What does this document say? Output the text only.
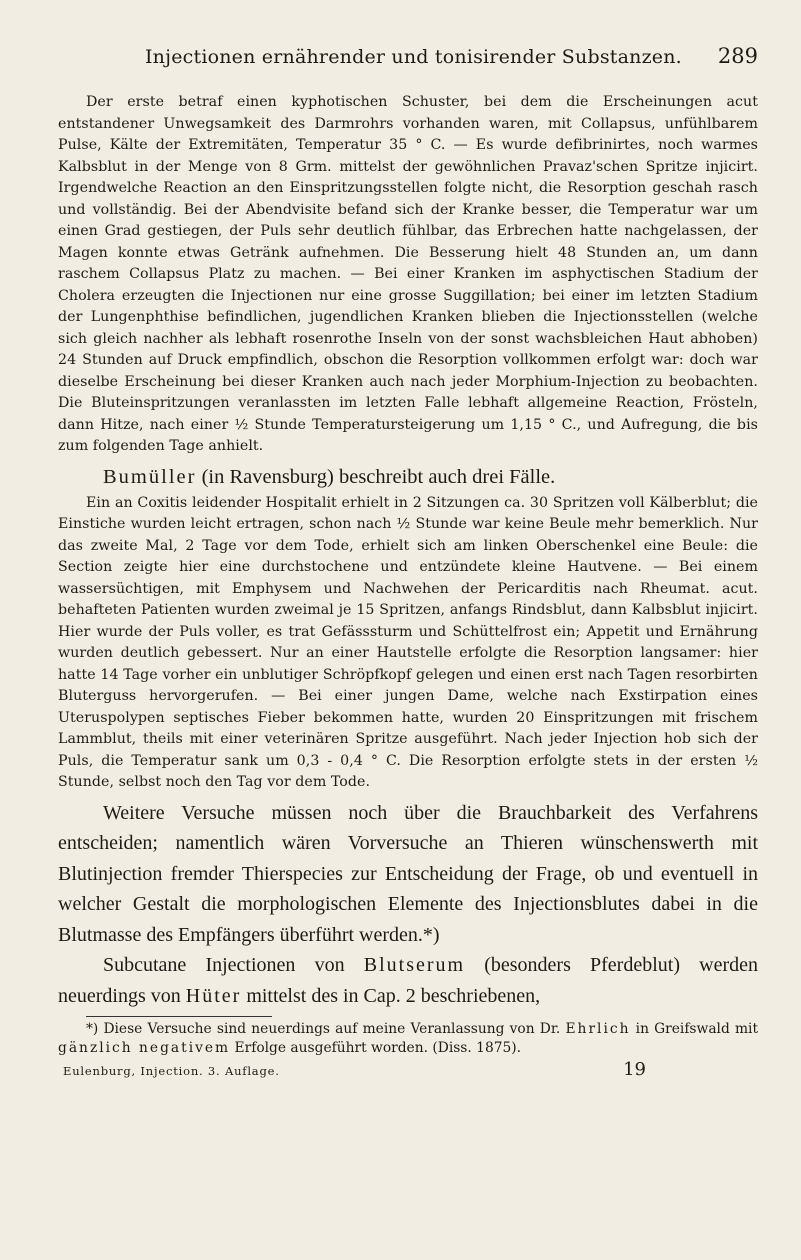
Injectionen ernährender und tonisirender Substanzen. 289

Der erste betraf einen kyphotischen Schuster, bei dem die Erscheinungen acut entstandener Unwegsamkeit des Darmrohrs vorhanden waren, mit Collapsus, unfühlbarem Pulse, Kälte der Extremitäten, Temperatur 35 ° C. — Es wurde defibrinirtes, noch warmes Kalbsblut in der Menge von 8 Grm. mittelst der gewöhnlichen Pravaz'schen Spritze injicirt. Irgendwelche Reaction an den Einspritzungsstellen folgte nicht, die Resorption geschah rasch und vollständig. Bei der Abendvisite befand sich der Kranke besser, die Temperatur war um einen Grad gestiegen, der Puls sehr deutlich fühlbar, das Erbrechen hatte nachgelassen, der Magen konnte etwas Getränk aufnehmen. Die Besserung hielt 48 Stunden an, um dann raschem Collapsus Platz zu machen. — Bei einer Kranken im asphyctischen Stadium der Cholera erzeugten die Injectionen nur eine grosse Suggillation; bei einer im letzten Stadium der Lungenphthise befindlichen, jugendlichen Kranken blieben die Injectionsstellen (welche sich gleich nachher als lebhaft rosenrothe Inseln von der sonst wachsbleichen Haut abhoben) 24 Stunden auf Druck empfindlich, obschon die Resorption vollkommen erfolgt war: doch war dieselbe Erscheinung bei dieser Kranken auch nach jeder Morphium-Injection zu beobachten. Die Bluteinspritzungen veranlassten im letzten Falle lebhaft allgemeine Reaction, Frösteln, dann Hitze, nach einer ½ Stunde Temperatursteigerung um 1,15 ° C., und Aufregung, die bis zum folgenden Tage anhielt.

Bumüller (in Ravensburg) beschreibt auch drei Fälle.

Ein an Coxitis leidender Hospitalit erhielt in 2 Sitzungen ca. 30 Spritzen voll Kälberblut; die Einstiche wurden leicht ertragen, schon nach ½ Stunde war keine Beule mehr bemerklich. Nur das zweite Mal, 2 Tage vor dem Tode, erhielt sich am linken Oberschenkel eine Beule: die Section zeigte hier eine durchstochene und entzündete kleine Hautvene. — Bei einem wassersüchtigen, mit Emphysem und Nachwehen der Pericarditis nach Rheumat. acut. behafteten Patienten wurden zweimal je 15 Spritzen, anfangs Rindsblut, dann Kalbsblut injicirt. Hier wurde der Puls voller, es trat Gefässsturm und Schüttelfrost ein; Appetit und Ernährung wurden deutlich gebessert. Nur an einer Hautstelle erfolgte die Resorption langsamer: hier hatte 14 Tage vorher ein unblutiger Schröpfkopf gelegen und einen erst nach Tagen resorbirten Bluterguss hervorgerufen. — Bei einer jungen Dame, welche nach Exstirpation eines Uteruspolypen septisches Fieber bekommen hatte, wurden 20 Einspritzungen mit frischem Lammblut, theils mit einer veterinären Spritze ausgeführt. Nach jeder Injection hob sich der Puls, die Temperatur sank um 0,3 - 0,4 ° C. Die Resorption erfolgte stets in der ersten ½ Stunde, selbst noch den Tag vor dem Tode.

Weitere Versuche müssen noch über die Brauchbarkeit des Verfahrens entscheiden; namentlich wären Vorversuche an Thieren wünschenswerth mit Blutinjection fremder Thierspecies zur Entscheidung der Frage, ob und eventuell in welcher Gestalt die morphologischen Elemente des Injectionsblutes dabei in die Blutmasse des Empfängers überführt werden.*)

Subcutane Injectionen von Blutserum (besonders Pferdeblut) werden neuerdings von Hüter mittelst des in Cap. 2 beschriebenen,

*) Diese Versuche sind neuerdings auf meine Veranlassung von Dr. Ehrlich in Greifswald mit gänzlich negativem Erfolge ausgeführt worden. (Diss. 1875).

Eulenburg, Injection. 3. Auflage.	19
